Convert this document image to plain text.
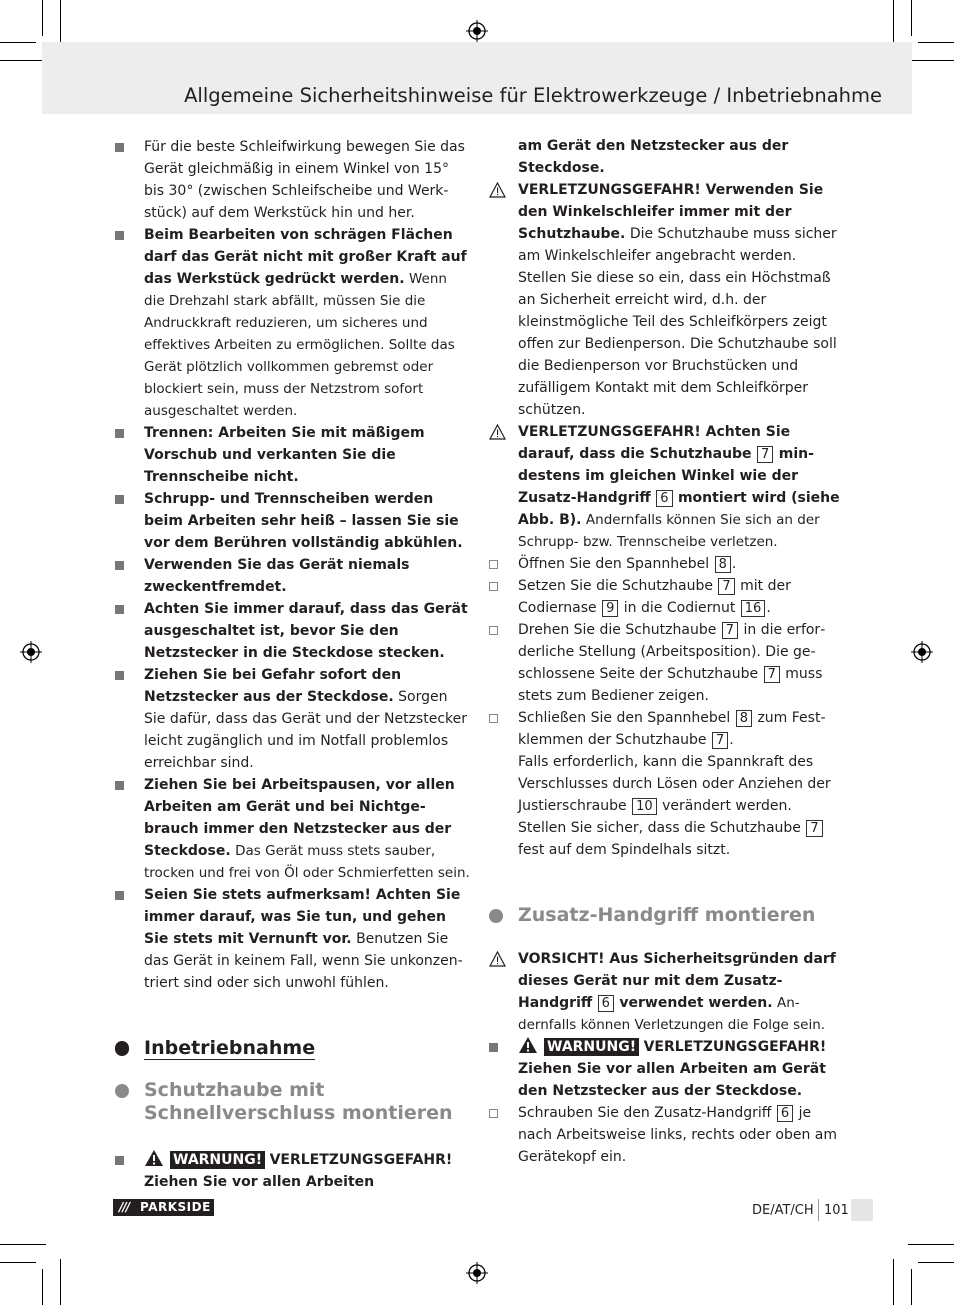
Allgemeine Sicherheitshinweise für Elektrowerkzeuge / Inbetriebnahme
Für die beste Schleifwirkung bewegen Sie das Gerät gleichmäßig in einem Winkel von 15° bis 30° (zwischen Schleifscheibe und Werkstück) auf dem Werkstück hin und her.
Beim Bearbeiten von schrägen Flächen darf das Gerät nicht mit großer Kraft auf das Werkstück gedrückt werden. Wenn die Drehzahl stark abfällt, müssen Sie die Andruckkraft reduzieren, um sicheres und effektives Arbeiten zu ermöglichen. Sollte das Gerät plötzlich vollkommen gebremst oder blockiert sein, muss der Netzstrom sofort ausgeschaltet werden.
Trennen: Arbeiten Sie mit mäßigem Vorschub und verkanten Sie die Trennscheibe nicht.
Schrupp- und Trennscheiben werden beim Arbeiten sehr heiß – lassen Sie sie vor dem Berühren vollständig abkühlen.
Verwenden Sie das Gerät niemals zweckentfremdet.
Achten Sie immer darauf, dass das Gerät ausgeschaltet ist, bevor Sie den Netzstecker in die Steckdose stecken.
Ziehen Sie bei Gefahr sofort den Netzstecker aus der Steckdose. Sorgen Sie dafür, dass das Gerät und der Netzstecker leicht zugänglich und im Notfall problemlos erreichbar sind.
Ziehen Sie bei Arbeitspausen, vor allen Arbeiten am Gerät und bei Nichtgebrauch immer den Netzstecker aus der Steckdose. Das Gerät muss stets sauber, trocken und frei von Öl oder Schmierfetten sein.
Seien Sie stets aufmerksam! Achten Sie immer darauf, was Sie tun, und gehen Sie stets mit Vernunft vor. Benutzen Sie das Gerät in keinem Fall, wenn Sie unkonzentriert sind oder sich unwohl fühlen.
Inbetriebnahme
Schutzhaube mit Schnellverschluss montieren
WARNUNG! VERLETZUNGSGEFAHR! Ziehen Sie vor allen Arbeiten
am Gerät den Netzstecker aus der Steckdose.
VERLETZUNGSGEFAHR! Verwenden Sie den Winkelschleifer immer mit der Schutzhaube. Die Schutzhaube muss sicher am Winkelschleifer angebracht werden. Stellen Sie diese so ein, dass ein Höchstmaß an Sicherheit erreicht wird, d.h. der kleinstmögliche Teil des Schleifkörpers zeigt offen zur Bedienperson. Die Schutzhaube soll die Bedienperson vor Bruchstücken und zufälligem Kontakt mit dem Schleifkörper schützen.
VERLETZUNGSGEFAHR! Achten Sie darauf, dass die Schutzhaube 7 mindestens im gleichen Winkel wie der Zusatz-Handgriff 6 montiert wird (siehe Abb. B). Andernfalls können Sie sich an der Schrupp- bzw. Trennscheibe verletzen.
Öffnen Sie den Spannhebel 8 .
Setzen Sie die Schutzhaube 7 mit der Codiernase 9 in die Codiernut 16 .
Drehen Sie die Schutzhaube 7 in die erforderliche Stellung (Arbeitsposition). Die geschlossene Seite der Schutzhaube 7 muss stets zum Bediener zeigen.
Schließen Sie den Spannhebel 8 zum Festklemmen der Schutzhaube 7 .
Falls erforderlich, kann die Spannkraft des Verschlusses durch Lösen oder Anziehen der Justierschraube 10 verändert werden.
Stellen Sie sicher, dass die Schutzhaube 7 fest auf dem Spindelhals sitzt.
Zusatz-Handgriff montieren
VORSICHT! Aus Sicherheitsgründen darf dieses Gerät nur mit dem Zusatz-Handgriff 6 verwendet werden. Andernfalls können Verletzungen die Folge sein.
WARNUNG! VERLETZUNGSGEFAHR! Ziehen Sie vor allen Arbeiten am Gerät den Netzstecker aus der Steckdose.
Schrauben Sie den Zusatz-Handgriff 6 je nach Arbeitsweise links, rechts oder oben am Gerätekopf ein.
/// PARKSIDE	DE/AT/CH 101
